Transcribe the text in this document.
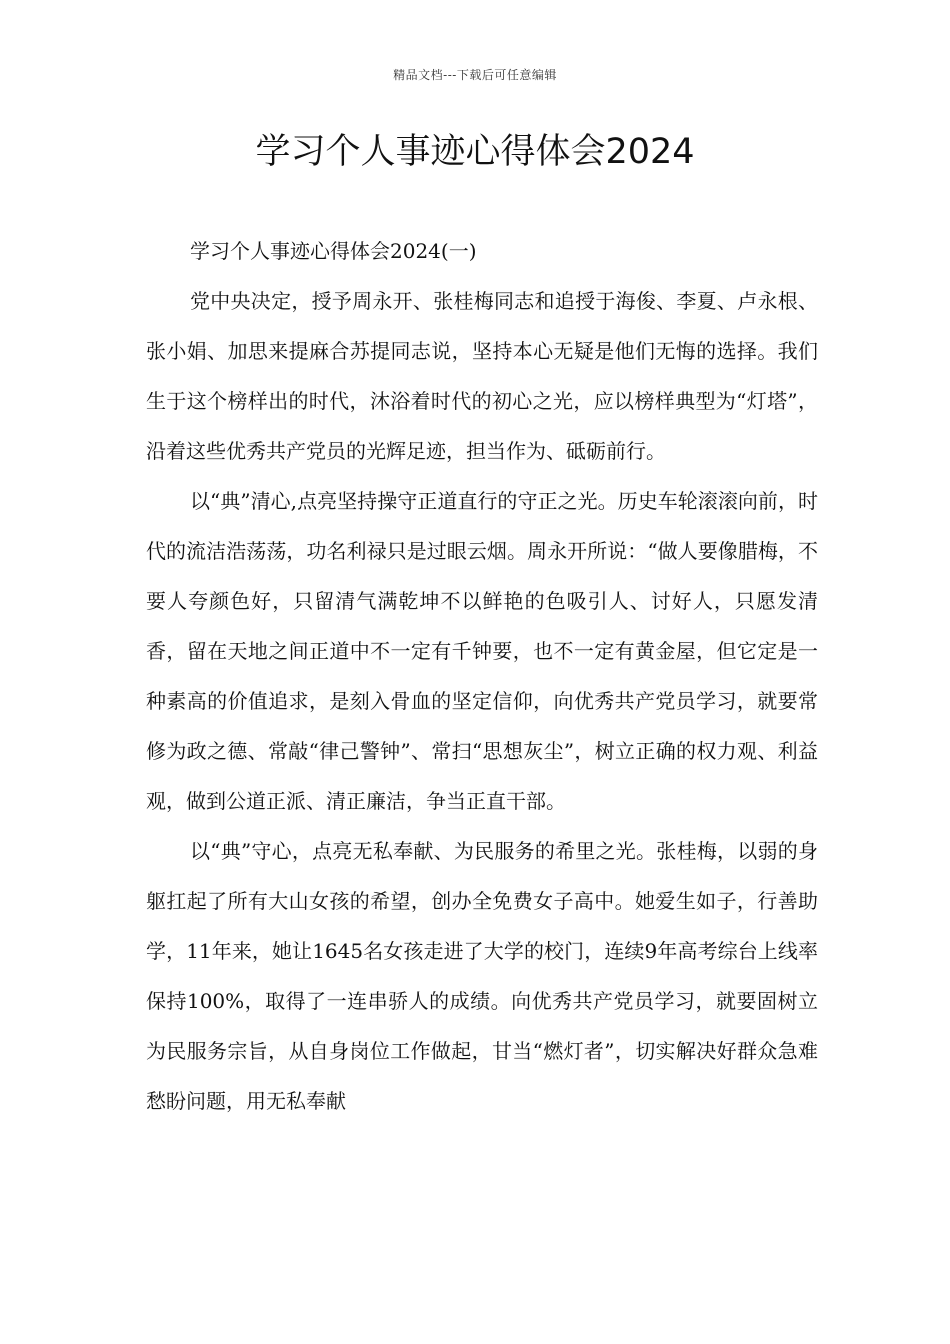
精品文档---下载后可任意编辑
学习个人事迹心得体会2024

学习个人事迹心得体会2024(一)

党中央决定，授予周永开、张桂梅同志和追授于海俊、李夏、卢永根、张小娟、加思来提麻合苏提同志说，坚持本心无疑是他们无悔的选择。我们生于这个榜样出的时代，沐浴着时代的初心之光，应以榜样典型为“灯塔”，沿着这些优秀共产党员的光辉足迹，担当作为、砥砺前行。

以“典”清心,点亮坚持操守正道直行的守正之光。历史车轮滚滚向前，时代的流洁浩荡荡，功名利禄只是过眼云烟。周永开所说：“做人要像腊梅，不要人夸颜色好，只留清气满乾坤不以鲜艳的色吸引人、讨好人，只愿发清香，留在天地之间正道中不一定有千钟要，也不一定有黄金屋，但它定是一种素高的价值追求，是刻入骨血的坚定信仰，向优秀共产党员学习，就要常修为政之德、常敲“律己警钟”、常扫“思想灰尘”，树立正确的权力观、利益观，做到公道正派、清正廉洁，争当正直干部。

以“典”守心，点亮无私奉献、为民服务的希里之光。张桂梅，以弱的身躯扛起了所有大山女孩的希望，创办全免费女子高中。她爱生如子，行善助学，11年来，她让1645名女孩走进了大学的校门，连续9年高考综台上线率保持100%，取得了一连串骄人的成绩。向优秀共产党员学习，就要固树立为民服务宗旨，从自身岗位工作做起，甘当“燃灯者”，切实解决好群众急难愁盼问题，用无私奉献
